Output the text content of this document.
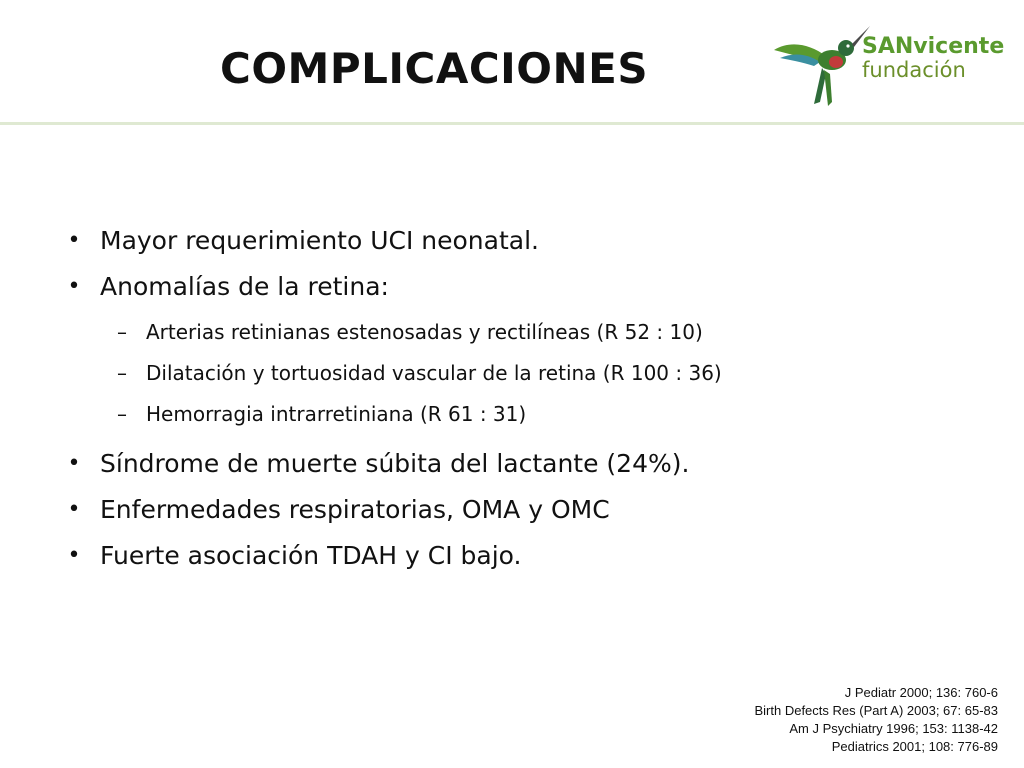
COMPLICACIONES	SANvicente
fundación
• Mayor requerimiento UCI neonatal.
• Anomalías de la retina:
– Arterias retinianas estenosadas y rectilíneas (R 52 : 10)
– Dilatación y tortuosidad vascular de la retina (R 100 : 36)
– Hemorragia intrarretiniana (R 61 : 31)
• Síndrome de muerte súbita del lactante (24%).
• Enfermedades respiratorias, OMA y OMC
• Fuerte asociación TDAH y CI bajo.
J Pediatr 2000; 136: 760-6
Birth Defects Res (Part A) 2003; 67: 65-83
Am J Psychiatry 1996; 153: 1138-42
Pediatrics 2001; 108: 776-89
